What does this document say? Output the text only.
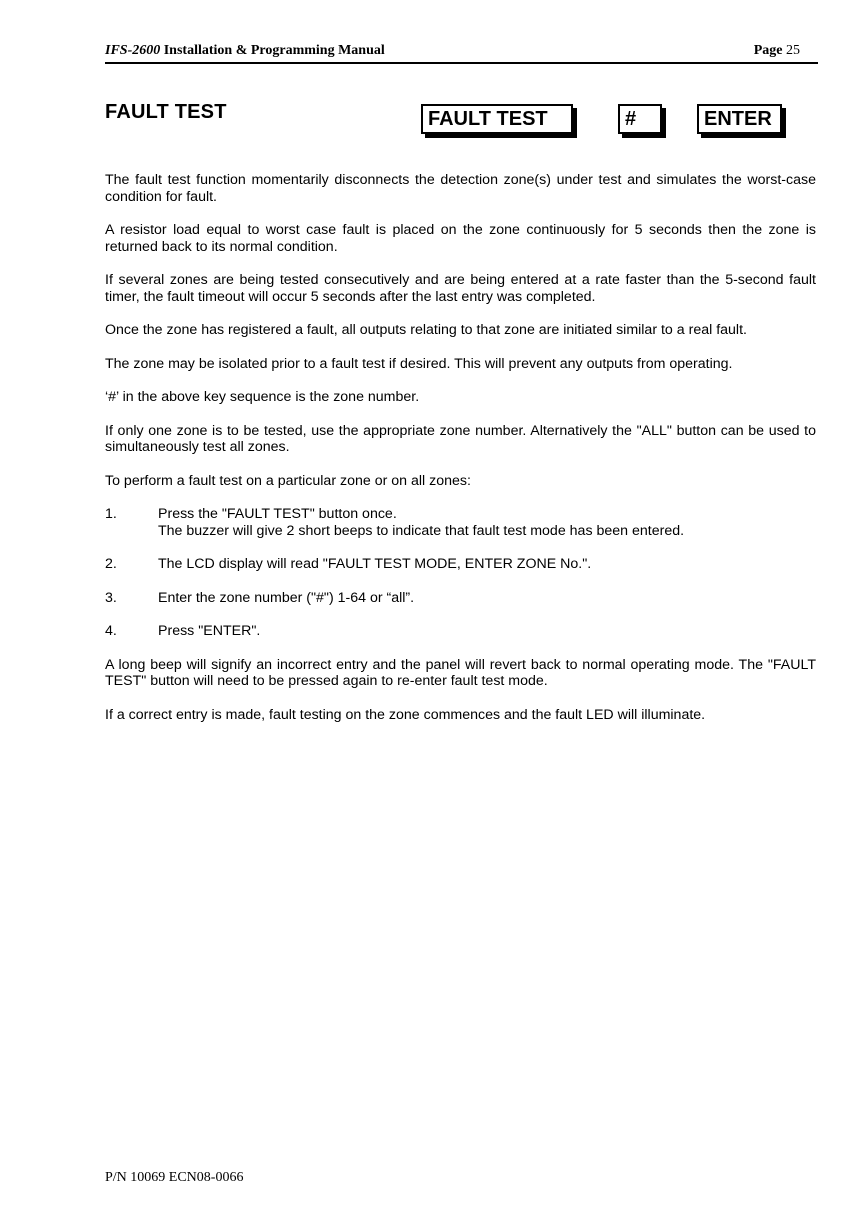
IFS-2600 Installation & Programming Manual	Page 25
FAULT TEST	FAULT TEST	#	ENTER

The fault test function momentarily disconnects the detection zone(s) under test and simulates the worst-case condition for fault.

A resistor load equal to worst case fault is placed on the zone continuously for 5 seconds then the zone is returned back to its normal condition.

If several zones are being tested consecutively and are being entered at a rate faster than the 5-second fault timer, the fault timeout will occur 5 seconds after the last entry was completed.

Once the zone has registered a fault, all outputs relating to that zone are initiated similar to a real fault.

The zone may be isolated prior to a fault test if desired. This will prevent any outputs from operating.

‘#’ in the above key sequence is the zone number.

If only one zone is to be tested, use the appropriate zone number. Alternatively the "ALL" button can be used to simultaneously test all zones.

To perform a fault test on a particular zone or on all zones:

1.	Press the "FAULT TEST" button once.
The buzzer will give 2 short beeps to indicate that fault test mode has been entered.
2.	The LCD display will read "FAULT TEST MODE, ENTER ZONE No.".
3.	Enter the zone number ("#") 1-64 or “all”.
4.	Press "ENTER".

A long beep will signify an incorrect entry and the panel will revert back to normal operating mode. The "FAULT TEST" button will need to be pressed again to re-enter fault test mode.

If a correct entry is made, fault testing on the zone commences and the fault LED will illuminate.

P/N 10069 ECN08-0066
